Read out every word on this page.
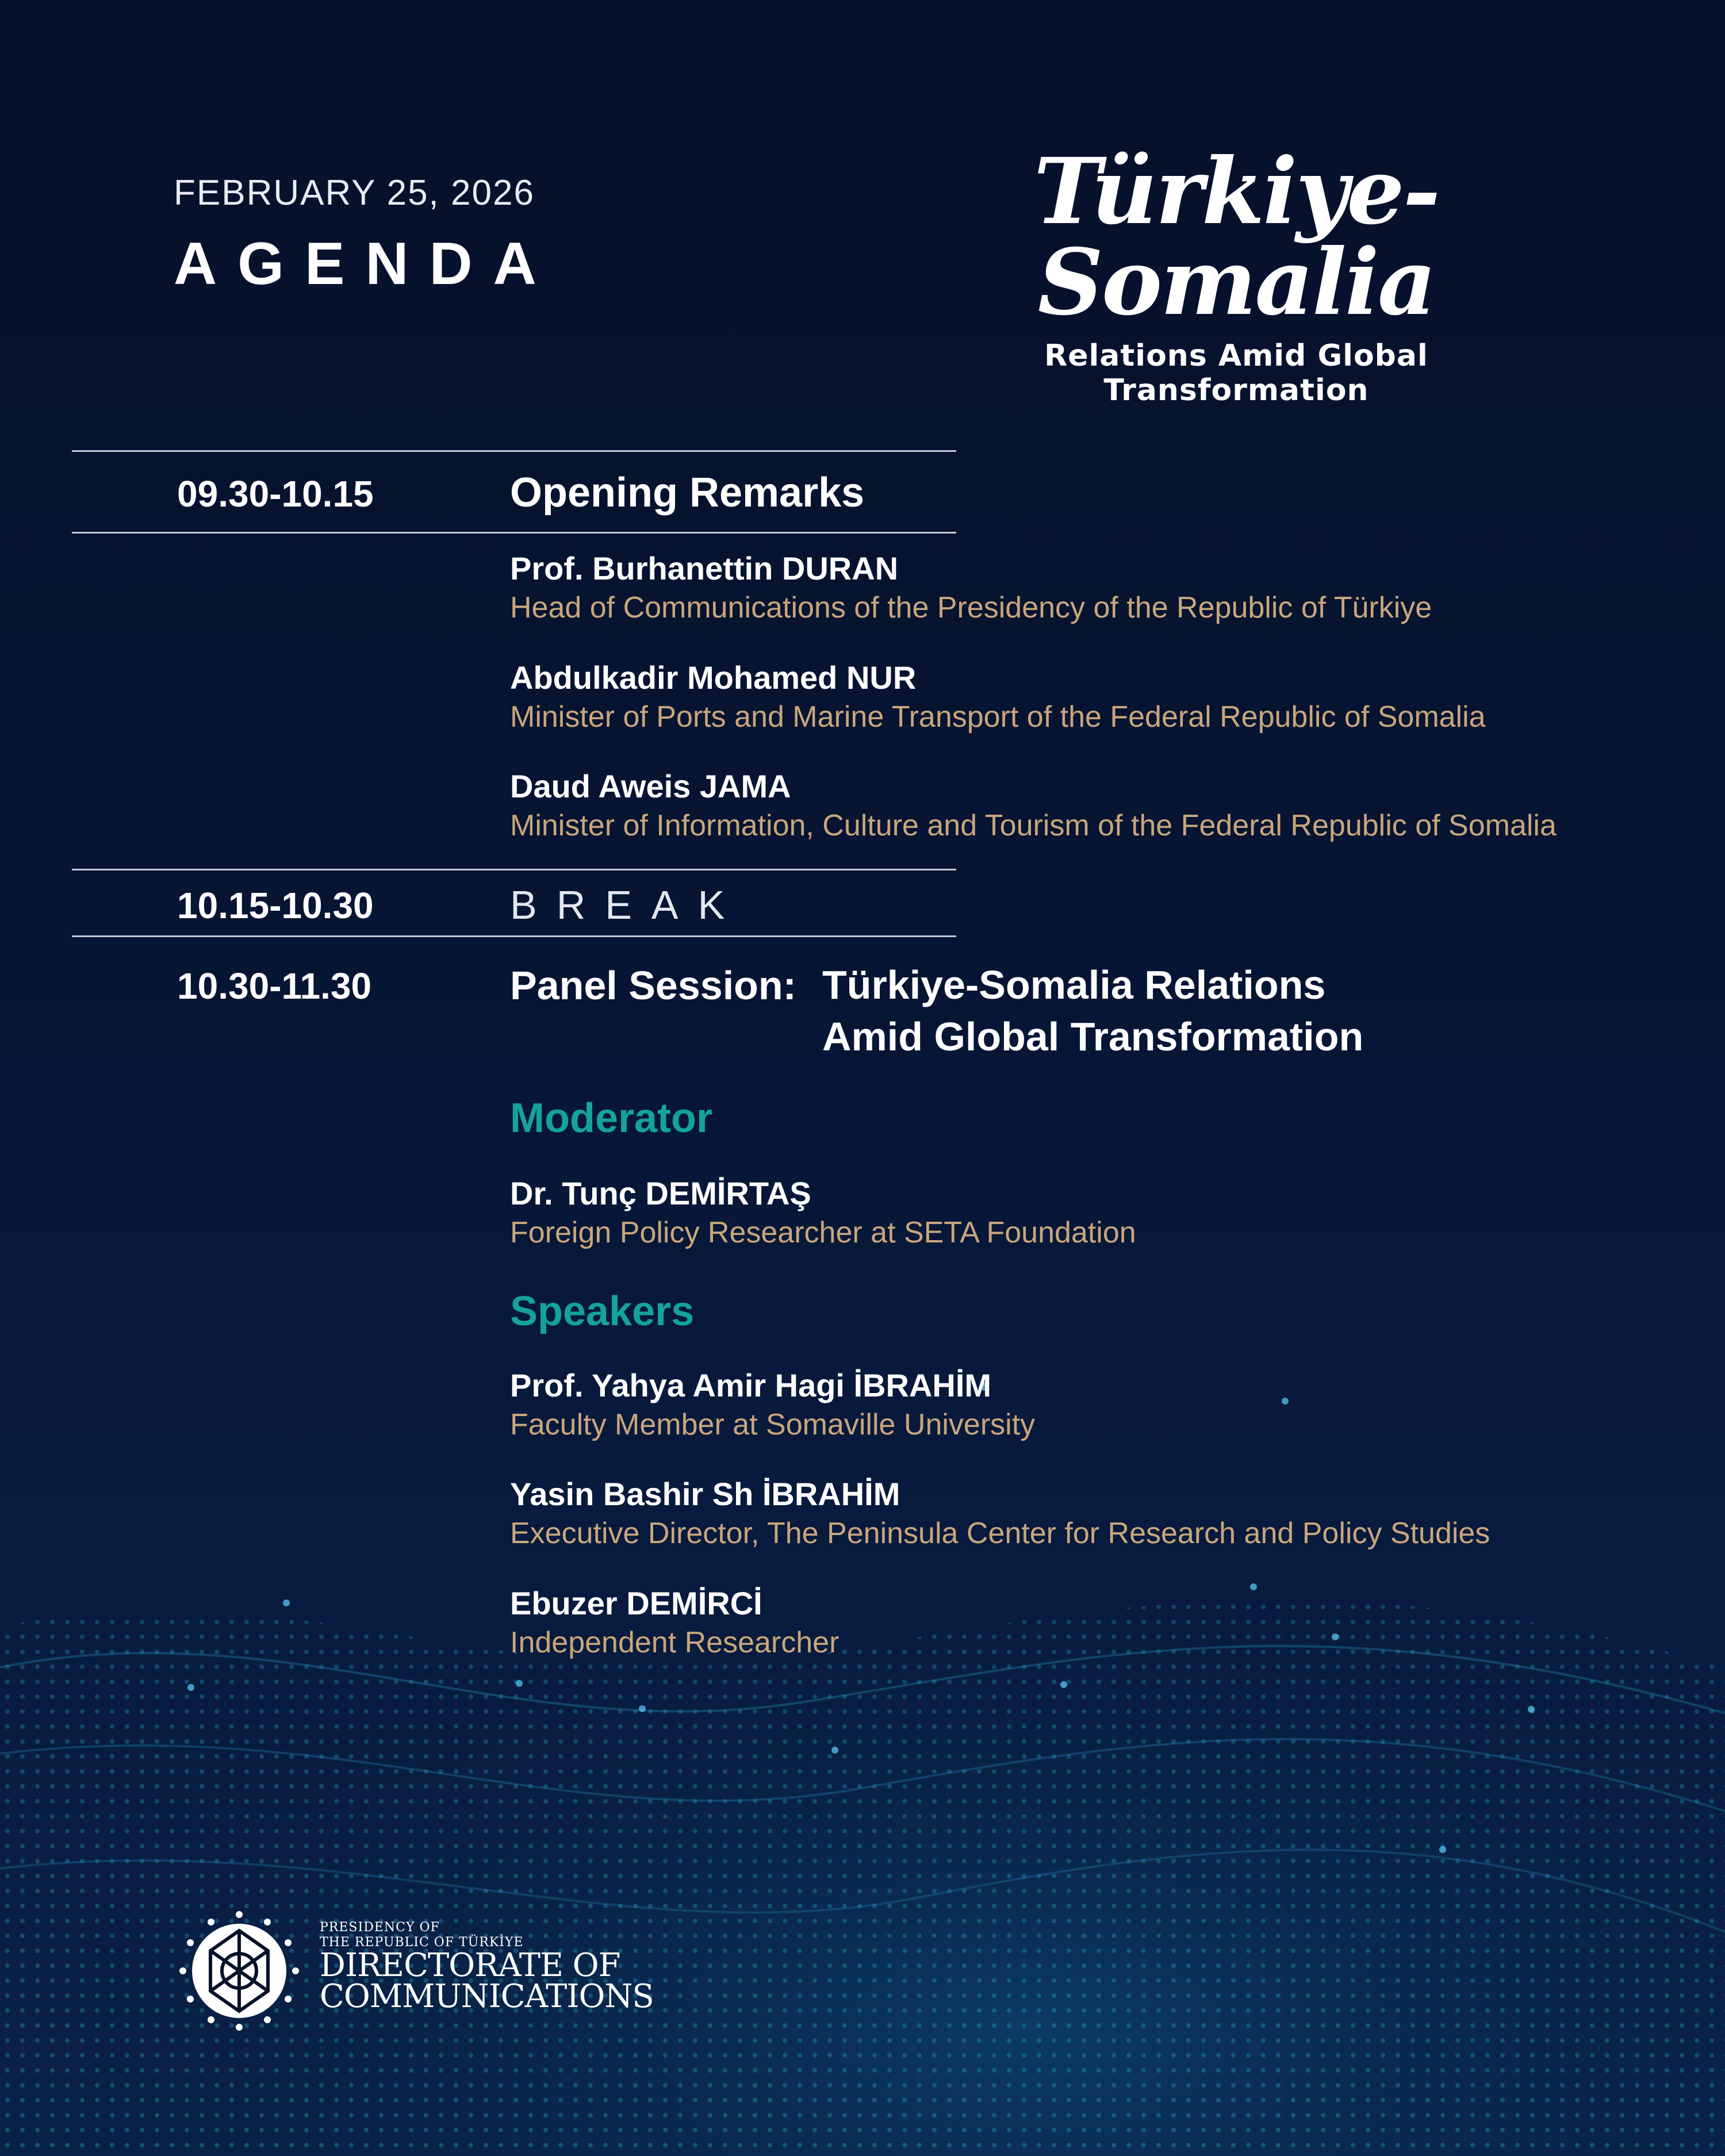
FEBRUARY 25, 2026
AGENDA
Türkiye-Somalia
Relations Amid Global Transformation
09.30-10.15	Opening Remarks
Prof. Burhanettin DURAN
Head of Communications of the Presidency of the Republic of Türkiye
Abdulkadir Mohamed NUR
Minister of Ports and Marine Transport of the Federal Republic of Somalia
Daud Aweis JAMA
Minister of Information, Culture and Tourism of the Federal Republic of Somalia
10.15-10.30	BREAK
10.30-11.30	Panel Session: Türkiye-Somalia Relations
Amid Global Transformation
Moderator
Dr. Tunç DEMİRTAŞ
Foreign Policy Researcher at SETA Foundation
Speakers
Prof. Yahya Amir Hagi İBRAHİM
Faculty Member at Somaville University
Yasin Bashir Sh İBRAHİM
Executive Director, The Peninsula Center for Research and Policy Studies
Ebuzer DEMİRCİ
Independent Researcher
PRESIDENCY OF
THE REPUBLIC OF TÜRKİYE
DIRECTORATE OF
COMMUNICATIONS
